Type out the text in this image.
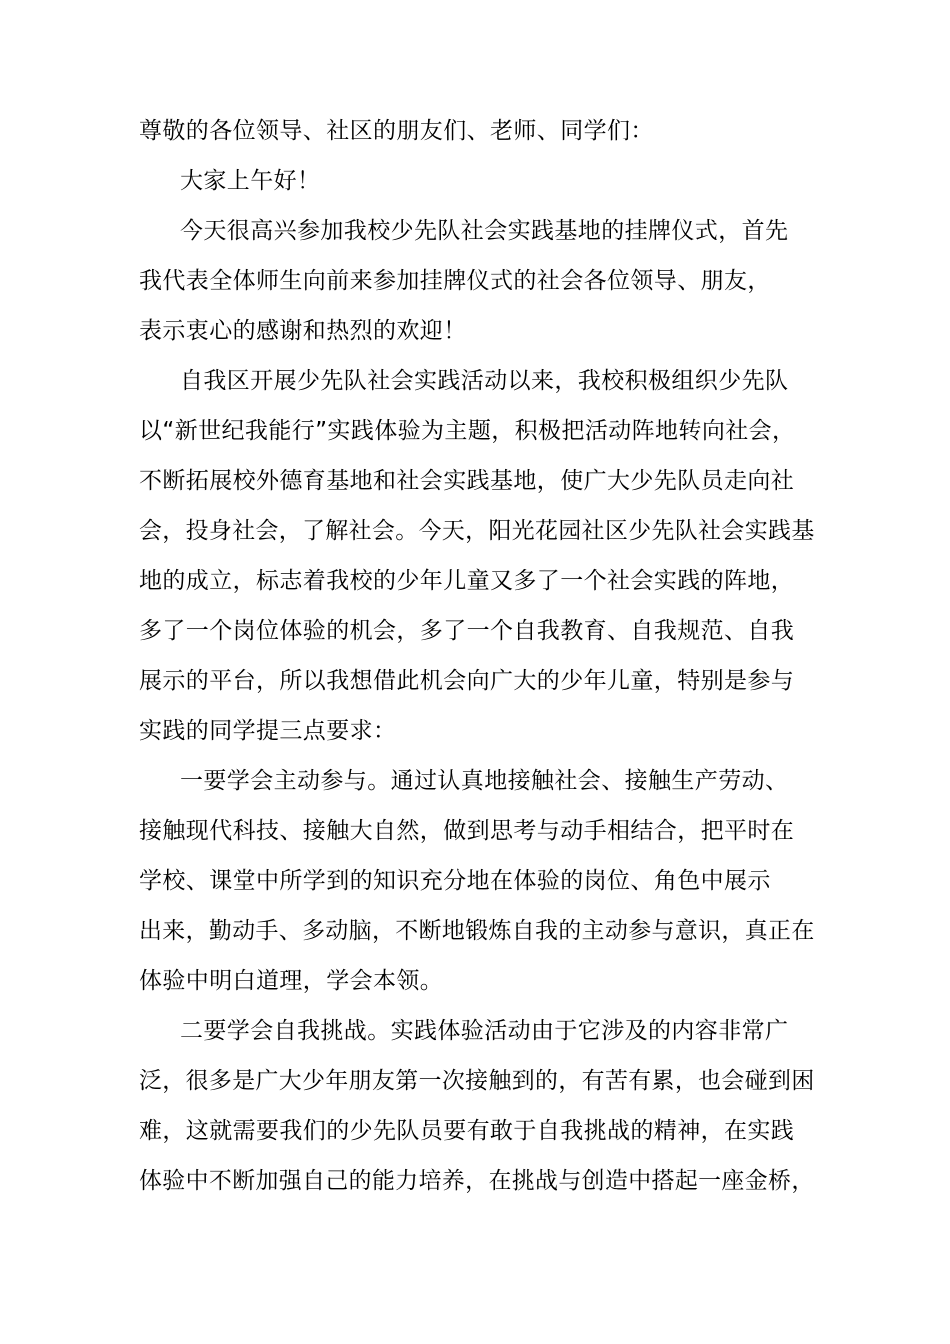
尊敬的各位领导、社区的朋友们、老师、同学们：
大家上午好！
今天很高兴参加我校少先队社会实践基地的挂牌仪式，首先
我代表全体师生向前来参加挂牌仪式的社会各位领导、朋友，
表示衷心的感谢和热烈的欢迎！
自我区开展少先队社会实践活动以来，我校积极组织少先队
以“新世纪我能行”实践体验为主题，积极把活动阵地转向社会，
不断拓展校外德育基地和社会实践基地，使广大少先队员走向社
会，投身社会，了解社会。今天，阳光花园社区少先队社会实践基
地的成立，标志着我校的少年儿童又多了一个社会实践的阵地，
多了一个岗位体验的机会，多了一个自我教育、自我规范、自我
展示的平台，所以我想借此机会向广大的少年儿童，特别是参与
实践的同学提三点要求：
一要学会主动参与。通过认真地接触社会、接触生产劳动、
接触现代科技、接触大自然，做到思考与动手相结合，把平时在
学校、课堂中所学到的知识充分地在体验的岗位、角色中展示
出来，勤动手、多动脑，不断地锻炼自我的主动参与意识，真正在
体验中明白道理，学会本领。
二要学会自我挑战。实践体验活动由于它涉及的内容非常广
泛，很多是广大少年朋友第一次接触到的，有苦有累，也会碰到困
难，这就需要我们的少先队员要有敢于自我挑战的精神，在实践
体验中不断加强自己的能力培养，在挑战与创造中搭起一座金桥，
